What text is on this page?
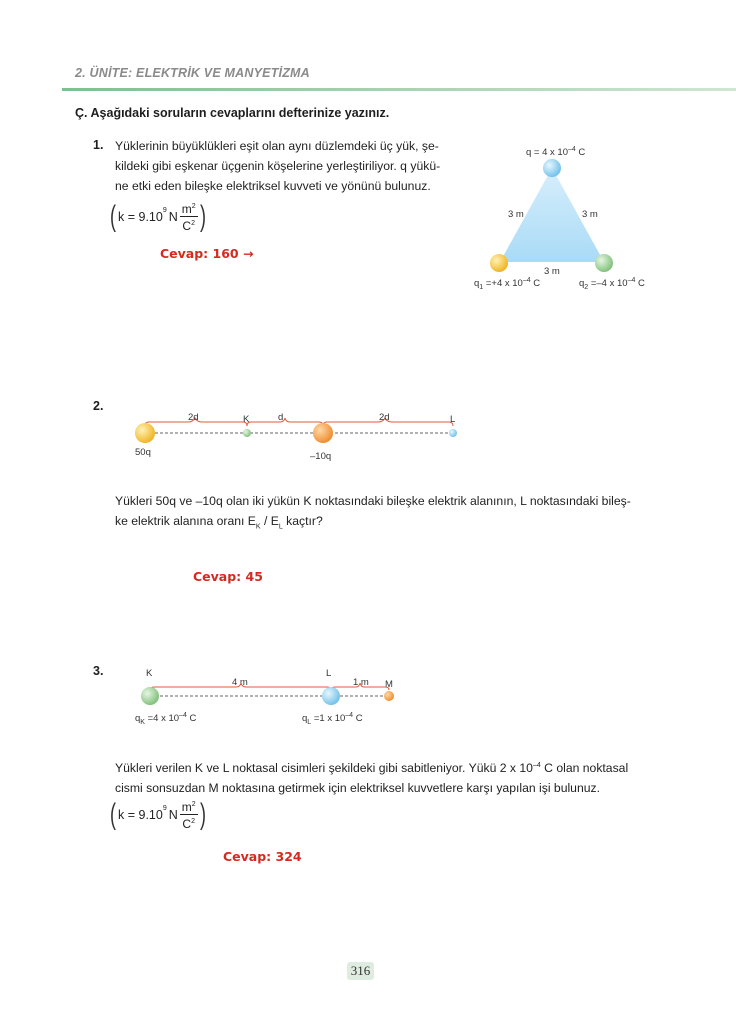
2. ÜNİTE: ELEKTRİK VE MANYETİZMA
Ç. Aşağıdaki soruların cevaplarını defterinize yazınız.
1. Yüklerinin büyüklükleri eşit olan aynı düzlemdeki üç yük, şe-
kildeki gibi eşkenar üçgenin köşelerine yerleştiriliyor. q yükü-
ne etki eden bileşke elektriksel kuvveti ve yönünü bulunuz.
( $k = 9.10^9$ N $\frac{m^2}{C^2}$ )
Cevap: 160 →
q = 4 x $10^{-4}$ C
3 m	3 m
3 m
$q_1 =+4$ x $10^{-4}$ C	$q_2 =-4$ x $10^{-4}$ C
2.
2d	K	d	2d	L
50q	–10q
Yükleri 50q ve –10q olan iki yükün K noktasındaki bileşke elektrik alanının, L noktasındaki bileş-
ke elektrik alanına oranı $E_K / E_L$ kaçtır?
Cevap: 45
3.	K	L
M
4 m	1 m
$q_K =4$ x $10^{-4}$ C	$q_L =1$ x $10^{-4}$ C
Yükleri verilen K ve L noktasal cisimleri şekildeki gibi sabitleniyor. Yükü 2 x $10^{-4}$ C olan noktasal
cismi sonsuzdan M noktasına getirmek için elektriksel kuvvetlere karşı yapılan işi bulunuz.
( $k = 9.10^9$ N $\frac{m^2}{C^2}$ )
Cevap: 324
316
